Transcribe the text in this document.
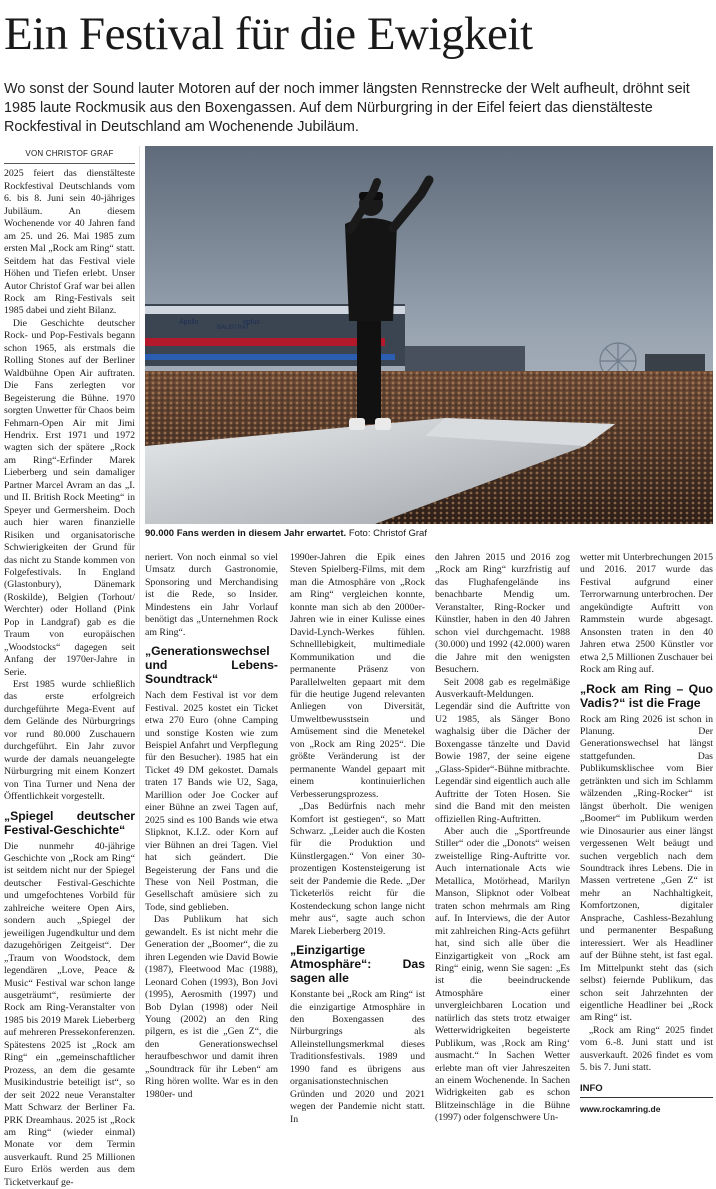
Ein Festival für die Ewigkeit

Wo sonst der Sound lauter Motoren auf der noch immer längsten Rennstrecke der Welt aufheult, dröhnt seit 1985 laute Rockmusik aus den Boxengassen. Auf dem Nürburgring in der Eifel feiert das dienstälteste Rockfestival in Deutschland am Wochenende Jubiläum.

VON CHRISTOF GRAF

2025 feiert das dienstälteste Rockfestival Deutschlands vom 6. bis 8. Juni sein 40-jähriges Jubiläum. An diesem Wochenende vor 40 Jahren fand am 25. und 26. Mai 1985 zum ersten Mal „Rock am Ring“ statt. Seitdem hat das Festival viele Höhen und Tiefen erlebt. Unser Autor Christof Graf war bei allen Rock am Ring-Festivals seit 1985 dabei und zieht Bilanz.

Die Geschichte deutscher Rock- und Pop-Festivals begann schon 1965, als erstmals die Rolling Stones auf der Berliner Waldbühne Open Air auftraten. Die Fans zerlegten vor Begeisterung die Bühne. 1970 sorgten Unwetter für Chaos beim Fehmarn-Open Air mit Jimi Hendrix. Erst 1971 und 1972 wagten sich der spätere „Rock am Ring“-Erfinder Marek Lieberberg und sein damaliger Partner Marcel Avram an das „I. und II. British Rock Meeting“ in Speyer und Germersheim. Doch auch hier waren finanzielle Risiken und organisatorische Schwierigkeiten der Grund für das nicht zu Stande kommen von Folgefestivals. In England (Glastonbury), Dänemark (Roskilde), Belgien (Torhout/ Werchter) oder Holland (Pink Pop in Landgraf) gab es die Traum von europäischen „Woodstocks“ dagegen seit Anfang der 1970er-Jahre in Serie.

Erst 1985 wurde schließlich das erste erfolgreich durchgeführte Mega-Event auf dem Gelände des Nürburgrings vor rund 80.000 Zuschauern durchgeführt. Ein Jahr zuvor wurde der damals neuangelegte Nürburgring mit einem Konzert von Tina Turner und Nena der Öffentlichkeit vorgestellt.

„Spiegel deutscher Festival-Geschichte“

Die nunmehr 40-jährige Geschichte von „Rock am Ring“ ist seitdem nicht nur der Spiegel deutscher Festival-Geschichte und umgefochtenes Vorbild für zahlreiche weitere Open Airs, sondern auch „Spiegel der jeweiligen Jugendkultur und dem dazugehörigen Zeitgeist“. Der „Traum von Woodstock, dem legendären „Love, Peace & Music“ Festival war schon lange ausgeträumt“, resümierte der Rock am Ring-Veranstalter von 1985 bis 2019 Marek Lieberberg auf mehreren Pressekonferenzen. Spätestens 2025 ist „Rock am Ring“ ein „gemeinschaftlicher Prozess, an dem die gesamte Musikindustrie beteiligt ist“, so der seit 2022 neue Veranstalter Matt Schwarz der Berliner Fa. PRK Dreamhaus. 2025 ist „Rock am Ring“ (wieder einmal) Monate vor dem Termin ausverkauft. Rund 25 Millionen Euro Erlös werden aus dem Ticketverkauf ge-

Apollo	eplus
BALISTRAT
90.000 Fans werden in diesem Jahr erwartet. Foto: Christof Graf

neriert. Von noch einmal so viel Umsatz durch Gastronomie, Sponsoring und Merchandising ist die Rede, so Insider. Mindestens ein Jahr Vorlauf benötigt das „Unternehmen Rock am Ring“.

„Generationswechsel und Lebens-Soundtrack“

Nach dem Festival ist vor dem Festival. 2025 kostet ein Ticket etwa 270 Euro (ohne Camping und sonstige Kosten wie zum Beispiel Anfahrt und Verpflegung für den Besucher). 1985 hat ein Ticket 49 DM gekostet. Damals traten 17 Bands wie U2, Saga, Marillion oder Joe Cocker auf einer Bühne an zwei Tagen auf, 2025 sind es 100 Bands wie etwa Slipknot, K.I.Z. oder Korn auf vier Bühnen an drei Tagen. Viel hat sich geändert. Die Begeisterung der Fans und die These von Neil Postman, die Gesellschaft amüsiere sich zu Tode, sind geblieben.

Das Publikum hat sich gewandelt. Es ist nicht mehr die Generation der „Boomer“, die zu ihren Legenden wie David Bowie (1987), Fleetwood Mac (1988), Leonard Cohen (1993), Bon Jovi (1995), Aerosmith (1997) und Bob Dylan (1998) oder Neil Young (2002) an den Ring pilgern, es ist die „Gen Z“, die den Generationswechsel heraufbeschwor und damit ihren „Soundtrack für ihr Leben“ am Ring hören wollte. War es in den 1980er- und

1990er-Jahren die Epik eines Steven Spielberg-Films, mit dem man die Atmosphäre von „Rock am Ring“ vergleichen konnte, konnte man sich ab den 2000er-Jahren wie in einer Kulisse eines David-Lynch-Werkes fühlen. Schnelllebigkeit, multimediale Kommunikation und die permanente Präsenz von Parallelwelten gepaart mit dem für die heutige Jugend relevanten Anliegen von Diversität, Umweltbewusstsein und Amüsement sind die Menetekel von „Rock am Ring 2025“. Die größte Veränderung ist der permanente Wandel gepaart mit einem kontinuierlichen Verbesserungsprozess.

„Das Bedürfnis nach mehr Komfort ist gestiegen“, so Matt Schwarz. „Leider auch die Kosten für die Produktion und Künstlergagen.“ Von einer 30-prozentigen Kostensteigerung ist seit der Pandemie die Rede. „Der Ticketerlös reicht für die Kostendeckung schon lange nicht mehr aus“, sagte auch schon Marek Lieberberg 2019.

„Einzigartige Atmosphäre“: Das sagen alle

Konstante bei „Rock am Ring“ ist die einzigartige Atmosphäre in den Boxengassen des Nürburgrings als Alleinstellungsmerkmal dieses Traditionsfestivals. 1989 und 1990 fand es übrigens aus organisationstechnischen Gründen und 2020 und 2021 wegen der Pandemie nicht statt. In

den Jahren 2015 und 2016 zog „Rock am Ring“ kurzfristig auf das Flughafengelände ins benachbarte Mendig um. Veranstalter, Ring-Rocker und Künstler, haben in den 40 Jahren schon viel durchgemacht. 1988 (30.000) und 1992 (42.000) waren die Jahre mit den wenigsten Besuchern.

Seit 2008 gab es regelmäßige Ausverkauft-Meldungen. Legendär sind die Auftritte von U2 1985, als Sänger Bono waghalsig über die Dächer der Boxengasse tänzelte und David Bowie 1987, der seine eigene „Glass-Spider“-Bühne mitbrachte. Legendär sind eigentlich auch alle Auftritte der Toten Hosen. Sie sind die Band mit den meisten offiziellen Ring-Auftritten.

Aber auch die „Sportfreunde Stiller“ oder die „Donots“ weisen zweistellige Ring-Auftritte vor. Auch internationale Acts wie Metallica, Motörhead, Marilyn Manson, Slipknot oder Volbeat traten schon mehrmals am Ring auf. In Interviews, die der Autor mit zahlreichen Ring-Acts geführt hat, sind sich alle über die Einzigartigkeit von „Rock am Ring“ einig, wenn Sie sagen: „Es ist die beeindruckende Atmosphäre einer unvergleichbaren Location und natürlich das stets trotz etwaiger Wetterwidrigkeiten begeisterte Publikum, was ‚Rock am Ring‘ ausmacht.“ In Sachen Wetter erlebte man oft vier Jahreszeiten an einem Wochenende. In Sachen Widrigkeiten gab es schon Blitzeinschläge in die Bühne (1997) oder folgenschwere Un-

wetter mit Unterbrechungen 2015 und 2016. 2017 wurde das Festival aufgrund einer Terrorwarnung unterbrochen. Der angekündigte Auftritt von Rammstein wurde abgesagt. Ansonsten traten in den 40 Jahren etwa 2500 Künstler vor etwa 2,5 Millionen Zuschauer bei Rock am Ring auf.

„Rock am Ring – Quo Vadis?“ ist die Frage

Rock am Ring 2026 ist schon in Planung. Der Generationswechsel hat längst stattgefunden. Das Publikumsklischee vom Bier getränkten und sich im Schlamm wälzenden „Ring-Rocker“ ist längst überholt. Die wenigen „Boomer“ im Publikum werden wie Dinosaurier aus einer längst vergessenen Welt beäugt und suchen vergeblich nach dem Soundtrack ihres Lebens. Die in Massen vertretene „Gen Z“ ist mehr an Nachhaltigkeit, Komfortzonen, digitaler Ansprache, Cashless-Bezahlung und permanenter Bespaßung interessiert. Wer als Headliner auf der Bühne steht, ist fast egal. Im Mittelpunkt steht das (sich selbst) feiernde Publikum, das schon seit Jahrzehnten der eigentliche Headliner bei „Rock am Ring“ ist.

„Rock am Ring“ 2025 findet vom 6.-8. Juni statt und ist ausverkauft. 2026 findet es vom 5. bis 7. Juni statt.

INFO
www.rockamring.de
